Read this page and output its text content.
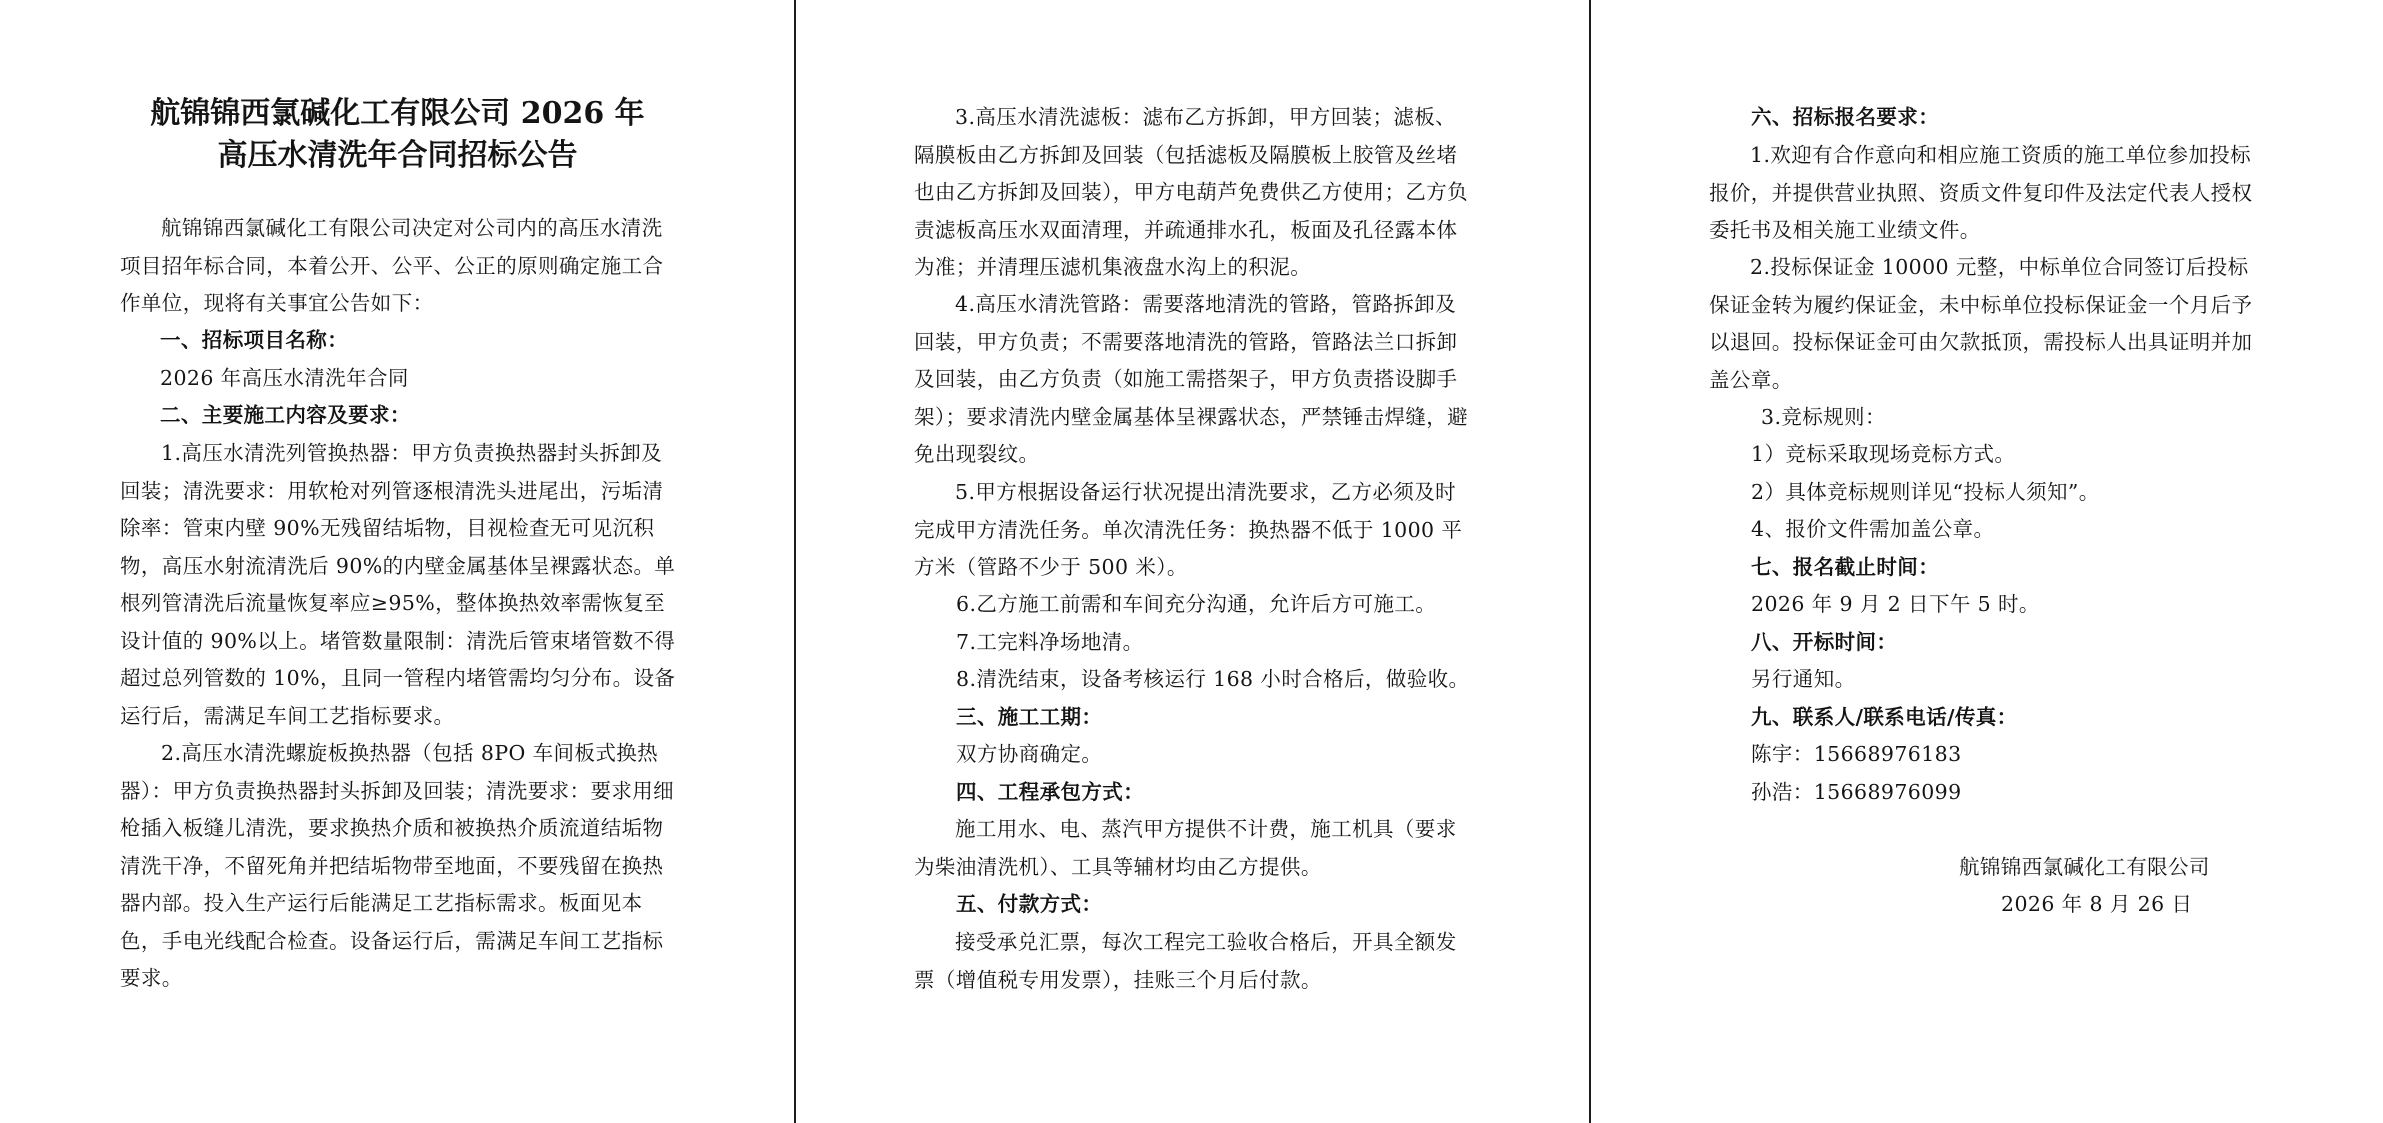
航锦锦西氯碱化工有限公司 2026 年
高压水清洗年合同招标公告

航锦锦西氯碱化工有限公司决定对公司内的高压水清洗项目招年标合同，本着公开、公平、公正的原则确定施工合作单位，现将有关事宜公告如下：

一、招标项目名称：

2026 年高压水清洗年合同

二、主要施工内容及要求：

1.高压水清洗列管换热器：甲方负责换热器封头拆卸及回装；清洗要求：用软枪对列管逐根清洗头进尾出，污垢清除率：管束内壁 90%无残留结垢物，目视检查无可见沉积物，高压水射流清洗后 90%的内壁金属基体呈裸露状态。单根列管清洗后流量恢复率应≥95%，整体换热效率需恢复至设计值的 90%以上。堵管数量限制：清洗后管束堵管数不得超过总列管数的 10%，且同一管程内堵管需均匀分布。设备运行后，需满足车间工艺指标要求。

2.高压水清洗螺旋板换热器（包括 8PO 车间板式换热器）：甲方负责换热器封头拆卸及回装；清洗要求：要求用细枪插入板缝儿清洗，要求换热介质和被换热介质流道结垢物清洗干净，不留死角并把结垢物带至地面，不要残留在换热器内部。投入生产运行后能满足工艺指标需求。板面见本色，手电光线配合检查。设备运行后，需满足车间工艺指标要求。

3.高压水清洗滤板：滤布乙方拆卸，甲方回装；滤板、隔膜板由乙方拆卸及回装（包括滤板及隔膜板上胶管及丝堵也由乙方拆卸及回装），甲方电葫芦免费供乙方使用；乙方负责滤板高压水双面清理，并疏通排水孔，板面及孔径露本体为准；并清理压滤机集液盘水沟上的积泥。

4.高压水清洗管路：需要落地清洗的管路，管路拆卸及回装，甲方负责；不需要落地清洗的管路，管路法兰口拆卸及回装，由乙方负责（如施工需搭架子，甲方负责搭设脚手架）；要求清洗内壁金属基体呈裸露状态，严禁锤击焊缝，避免出现裂纹。

5.甲方根据设备运行状况提出清洗要求，乙方必须及时完成甲方清洗任务。单次清洗任务：换热器不低于 1000 平方米（管路不少于 500 米）。

6.乙方施工前需和车间充分沟通，允许后方可施工。

7.工完料净场地清。

8.清洗结束，设备考核运行 168 小时合格后，做验收。

三、施工工期：

双方协商确定。

四、工程承包方式：

施工用水、电、蒸汽甲方提供不计费，施工机具（要求为柴油清洗机）、工具等辅材均由乙方提供。

五、付款方式：

接受承兑汇票，每次工程完工验收合格后，开具全额发票（增值税专用发票），挂账三个月后付款。

六、招标报名要求：

1.欢迎有合作意向和相应施工资质的施工单位参加投标报价，并提供营业执照、资质文件复印件及法定代表人授权委托书及相关施工业绩文件。

2.投标保证金 10000 元整，中标单位合同签订后投标保证金转为履约保证金，未中标单位投标保证金一个月后予以退回。投标保证金可由欠款抵顶，需投标人出具证明并加盖公章。

3.竞标规则：

1）竞标采取现场竞标方式。

2）具体竞标规则详见“投标人须知”。

4、报价文件需加盖公章。

七、报名截止时间：

2026 年 9 月 2 日下午 5 时。

八、开标时间：

另行通知。

九、联系人/联系电话/传真：

陈宇：15668976183

孙浩：15668976099

航锦锦西氯碱化工有限公司

2026 年 8 月 26 日
